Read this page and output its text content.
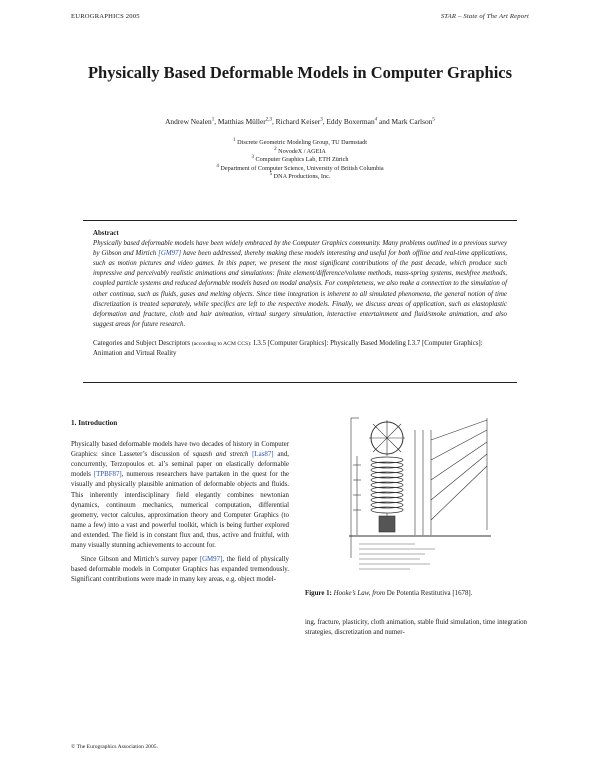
EUROGRAPHICS 2005	STAR – State of The Art Report
Physically Based Deformable Models in Computer Graphics
Andrew Nealen$^1$, Matthias Müller$^{2,3}$, Richard Keiser$^3$, Eddy Boxerman$^4$ and Mark Carlson$^5$
$^1$ Discrete Geometric Modeling Group, TU Darmstadt
$^2$ NovodeX / AGEIA
$^3$ Computer Graphics Lab, ETH Zürich
$^4$ Department of Computer Science, University of British Columbia
$^5$ DNA Productions, Inc.
Abstract
Physically based deformable models have been widely embraced by the Computer Graphics community. Many problems outlined in a previous survey by Gibson and Mirtich [GM97] have been addressed, thereby making these models interesting and useful for both offline and real-time applications, such as motion pictures and video games. In this paper, we present the most significant contributions of the past decade, which produce such impressive and perceivably realistic animations and simulations: finite element/difference/volume methods, mass-spring systems, meshfree methods, coupled particle systems and reduced deformable models based on modal analysis. For completeness, we also make a connection to the simulation of other continua, such as fluids, gases and melting objects. Since time integration is inherent to all simulated phenomena, the general notion of time discretization is treated separately, while specifics are left to the respective models. Finally, we discuss areas of application, such as elastoplastic deformation and fracture, cloth and hair animation, virtual surgery simulation, interactive entertainment and fluid/smoke animation, and also suggest areas for future research.
Categories and Subject Descriptors (according to ACM CCS): I.3.5 [Computer Graphics]: Physically Based Modeling I.3.7 [Computer Graphics]: Animation and Virtual Reality
1. Introduction

Physically based deformable models have two decades of history in Computer Graphics: since Lasseter’s discussion of squash and stretch [Las87] and, concurrently, Terzopoulos et. al’s seminal paper on elastically deformable models [TPBF87], numerous researchers have partaken in the quest for the visually and physically plausible animation of deformable objects and fluids. This inherently interdisciplinary field elegantly combines newtonian dynamics, continuum mechanics, numerical computation, differential geometry, vector calculus, approximation theory and Computer Graphics (to name a few) into a vast and powerful toolkit, which is being further explored and extended. The field is in constant flux and, thus, active and fruitful, with many visually stunning achievements to account for.

Since Gibson and Mirtich’s survey paper [GM97], the field of physically based deformable models in Computer Graphics has expanded tremendously. Significant contributions were made in many key areas, e.g. object model-

Figure 1: Hooke’s Law, from De Potentia Restitutiva [1678].
ing, fracture, plasticity, cloth animation, stable fluid simulation, time integration strategies, discretization and numer-
© The Eurographics Association 2005.
